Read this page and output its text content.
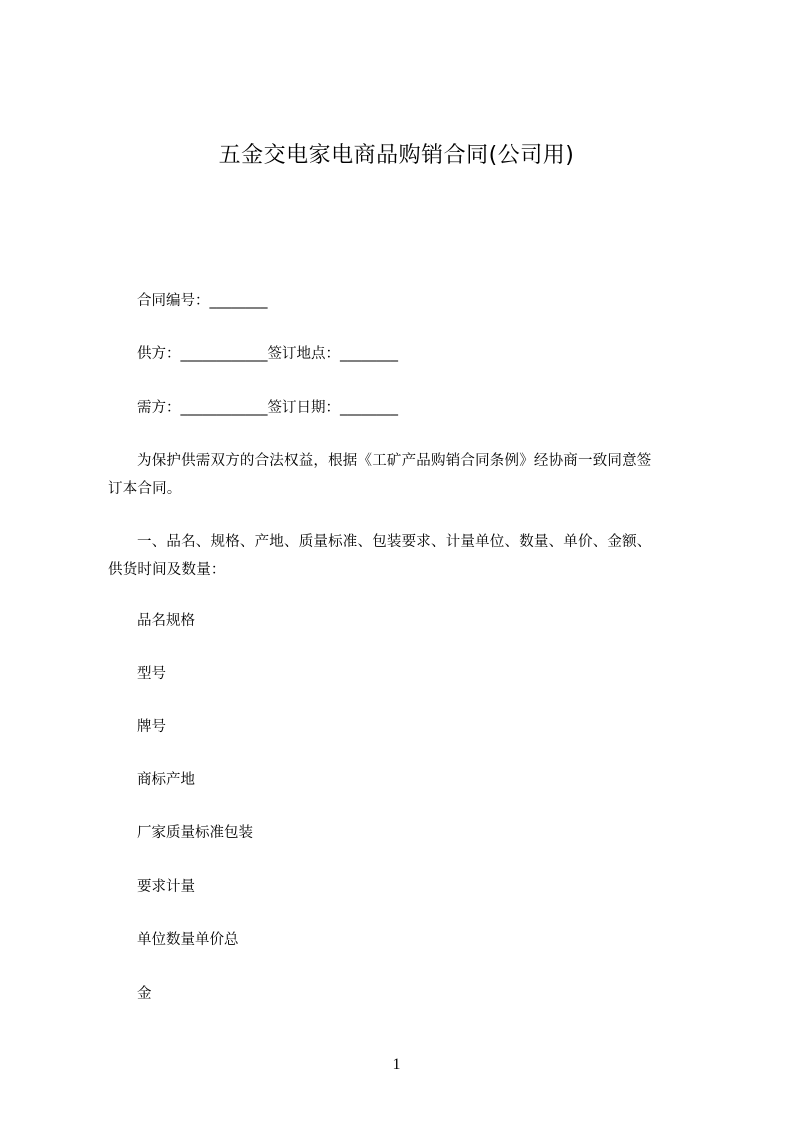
五金交电家电商品购销合同(公司用)
合同编号：________
供方：____________签订地点：________
需方：____________签订日期：________
为保护供需双方的合法权益，根据《工矿产品购销合同条例》经协商一致同意签
订本合同。
一、品名、规格、产地、质量标准、包装要求、计量单位、数量、单价、金额、
供货时间及数量：
品名规格
型号
牌号
商标产地
厂家质量标准包装
要求计量
单位数量单价总
金
1
